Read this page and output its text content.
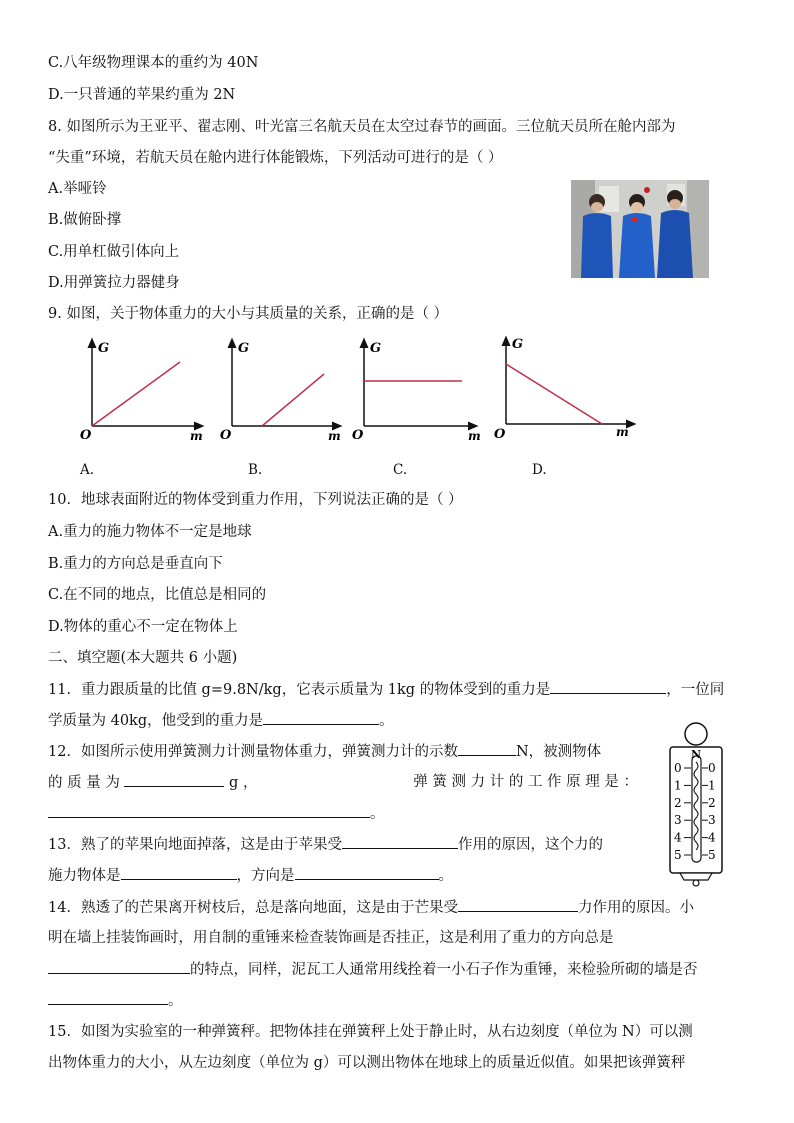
C.八年级物理课本的重约为 40N
D.一只普通的苹果约重为 2N
8. 如图所示为王亚平、翟志刚、叶光富三名航天员在太空过春节的画面。三位航天员所在舱内部为
“失重”环境，若航天员在舱内进行体能锻炼，下列活动可进行的是（ ）
A.举哑铃
B.做俯卧撑
C.用单杠做引体向上
D.用弹簧拉力器健身
9. 如图，关于物体重力的大小与其质量的关系，正确的是（ ）
G
O	m
G
O	m
G
O	m
G
O	m
A.	B.	C.	D.
10．地球表面附近的物体受到重力作用，下列说法正确的是（ ）
A.重力的施力物体不一定是地球
B.重力的方向总是垂直向下
C.在不同的地点，比值总是相同的
D.物体的重心不一定在物体上
二、填空题(本大题共 6 小题)
11．重力跟质量的比值 g=9.8N/kg，它表示质量为 1kg 的物体受到的重力是	，一位同
学质量为 40kg，他受到的重力是	。
12．如图所示使用弹簧测力计测量物体重力，弹簧测力计的示数	N，被测物体
的 质 量 为	g ，	弹 簧 测 力 计 的 工 作 原 理 是 ：
。
N
0 0
1 1
2 2
3 3
4 4
5 5
13．熟了的苹果向地面掉落，这是由于苹果受	作用的原因，这个力的
施力物体是	，方向是	。
14．熟透了的芒果离开树枝后，总是落向地面，这是由于芒果受	力作用的原因。小
明在墙上挂装饰画时，用自制的重锤来检查装饰画是否挂正，这是利用了重力的方向总是
的特点，同样，泥瓦工人通常用线拴着一小石子作为重锤，来检验所砌的墙是否
。
15．如图为实验室的一种弹簧秤。把物体挂在弹簧秤上处于静止时，从右边刻度（单位为 N）可以测
出物体重力的大小，从左边刻度（单位为 g）可以测出物体在地球上的质量近似值。如果把该弹簧秤
